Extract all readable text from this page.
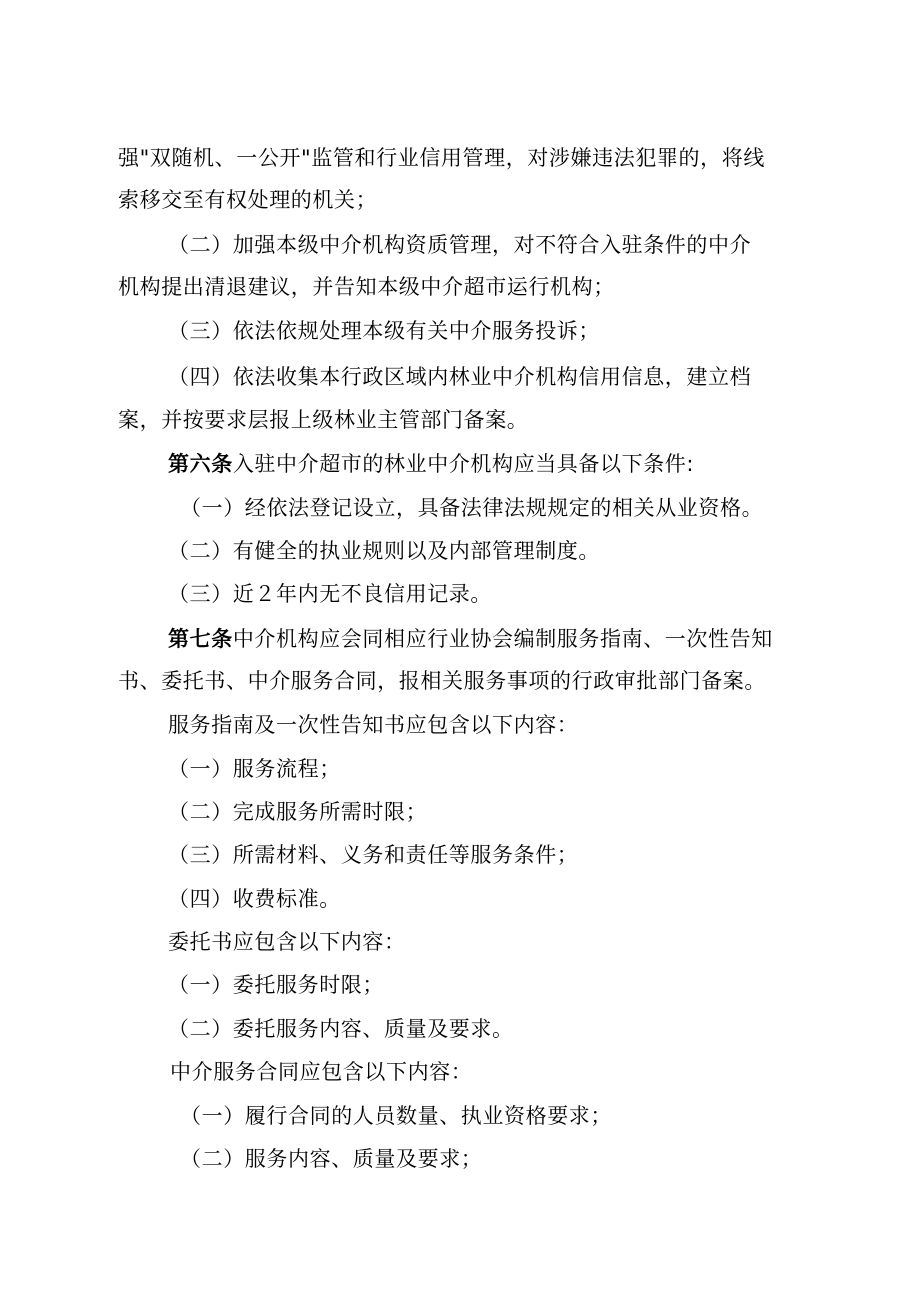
强"双随机、一公开"监管和行业信用管理，对涉嫌违法犯罪的，将线
索移交至有权处理的机关；
（二）加强本级中介机构资质管理，对不符合入驻条件的中介
机构提出清退建议，并告知本级中介超市运行机构；
（三）依法依规处理本级有关中介服务投诉；
（四）依法收集本行政区域内林业中介机构信用信息，建立档
案，并按要求层报上级林业主管部门备案。
第六条入驻中介超市的林业中介机构应当具备以下条件:
（一）经依法登记设立，具备法律法规规定的相关从业资格。
（二）有健全的执业规则以及内部管理制度。
（三）近２年内无不良信用记录。
第七条中介机构应会同相应行业协会编制服务指南、一次性告知
书、委托书、中介服务合同，报相关服务事项的行政审批部门备案。
服务指南及一次性告知书应包含以下内容：
（一）服务流程；
（二）完成服务所需时限；
（三）所需材料、义务和责任等服务条件；
（四）收费标准。
委托书应包含以下内容：
（一）委托服务时限；
（二）委托服务内容、质量及要求。
中介服务合同应包含以下内容：
（一）履行合同的人员数量、执业资格要求；
（二）服务内容、质量及要求；
